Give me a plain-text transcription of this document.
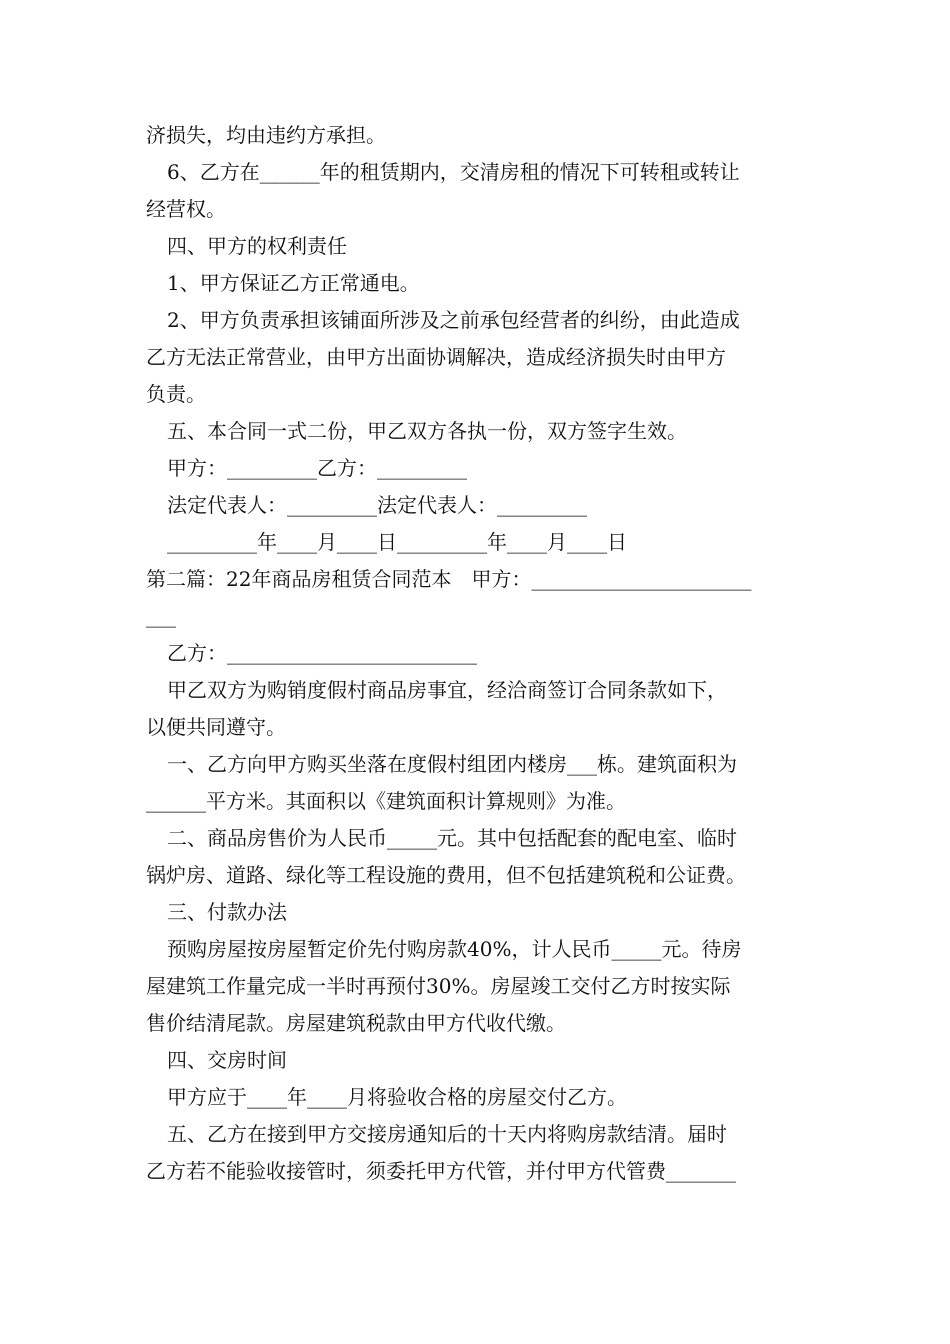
济损失，均由违约方承担。
6、乙方在______年的租赁期内，交清房租的情况下可转租或转让
经营权。
四、甲方的权利责任
1、甲方保证乙方正常通电。
2、甲方负责承担该铺面所涉及之前承包经营者的纠纷，由此造成
乙方无法正常营业，由甲方出面协调解决，造成经济损失时由甲方
负责。
五、本合同一式二份，甲乙双方各执一份，双方签字生效。
甲方：_________乙方：_________
法定代表人：_________法定代表人：_________
_________年____月____日_________年____月____日
第二篇：22年商品房租赁合同范本　甲方：______________________
___
乙方：_________________________
甲乙双方为购销度假村商品房事宜，经洽商签订合同条款如下，
以便共同遵守。
一、乙方向甲方购买坐落在度假村组团内楼房___栋。建筑面积为
______平方米。其面积以《建筑面积计算规则》为准。
二、商品房售价为人民币_____元。其中包括配套的配电室、临时
锅炉房、道路、绿化等工程设施的费用，但不包括建筑税和公证费。
三、付款办法
预购房屋按房屋暂定价先付购房款40%，计人民币_____元。待房
屋建筑工作量完成一半时再预付30%。房屋竣工交付乙方时按实际
售价结清尾款。房屋建筑税款由甲方代收代缴。
四、交房时间
甲方应于____年____月将验收合格的房屋交付乙方。
五、乙方在接到甲方交接房通知后的十天内将购房款结清。届时
乙方若不能验收接管时，须委托甲方代管，并付甲方代管费_______
